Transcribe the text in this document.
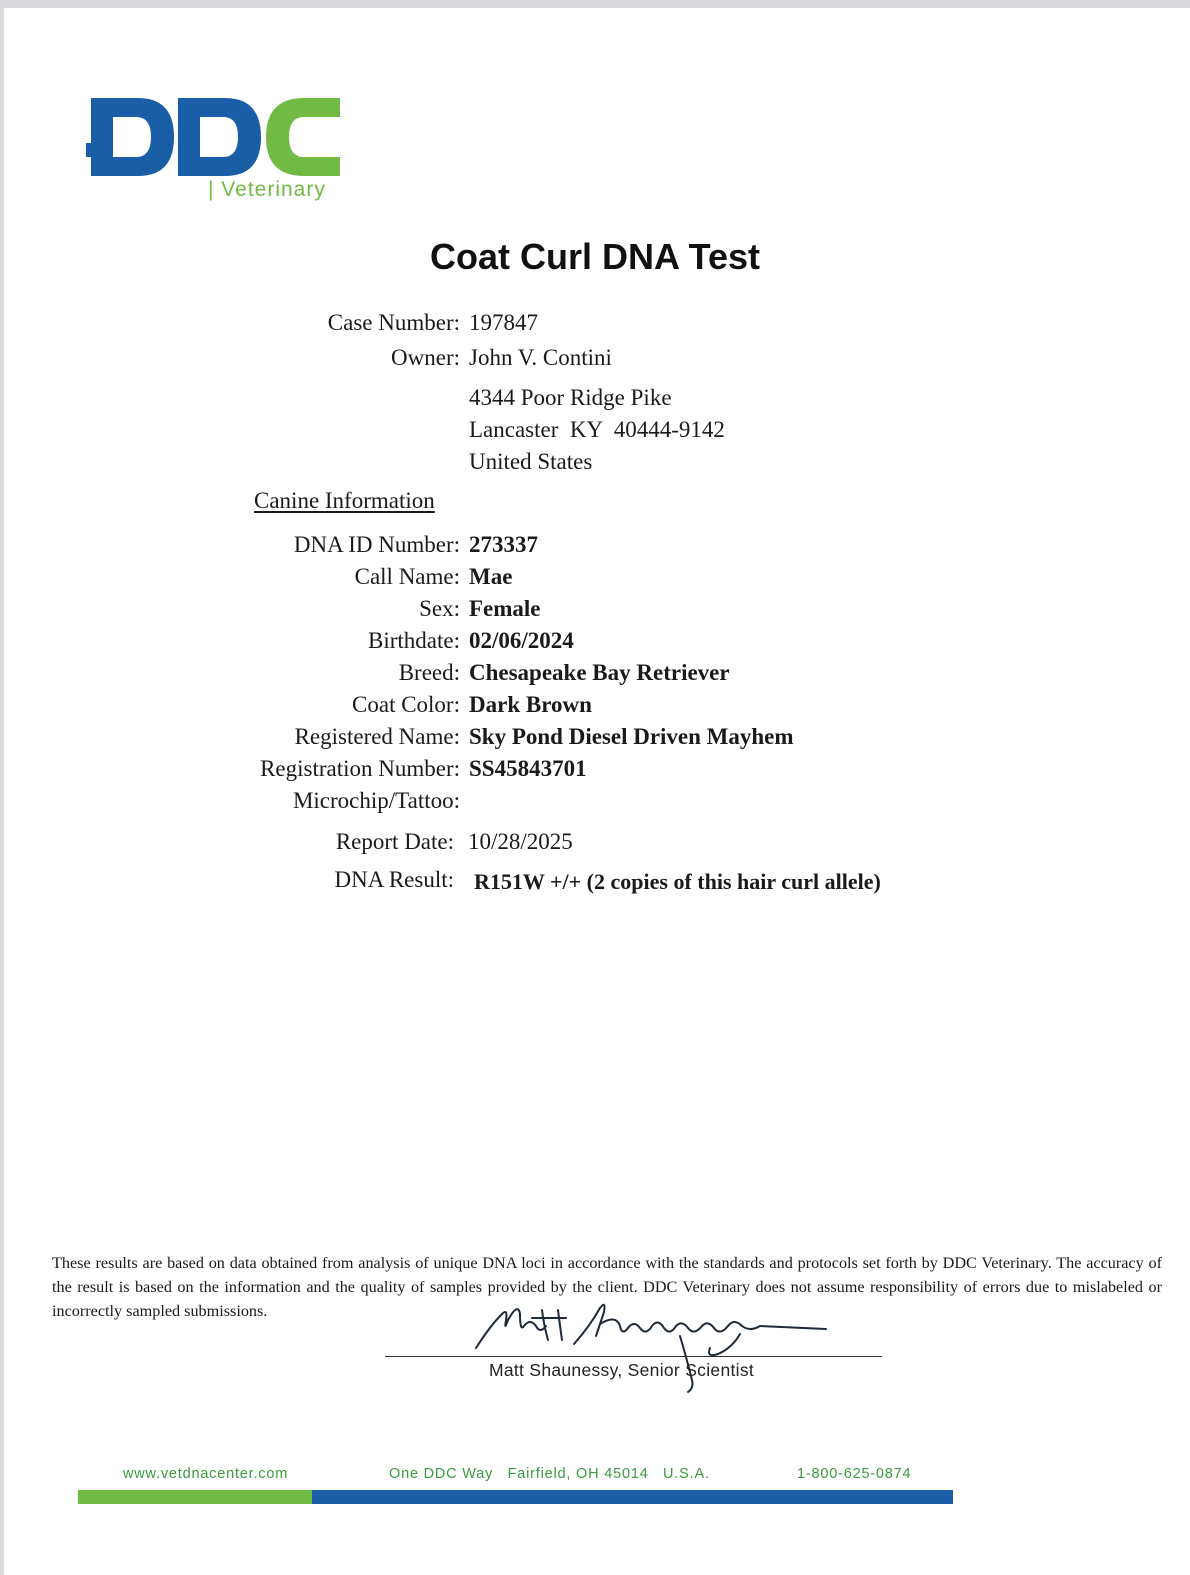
| Veterinary
Coat Curl DNA Test
Case Number: 197847
Owner: John V. Contini
4344 Poor Ridge Pike
Lancaster  KY  40444-9142
United States
Canine Information
DNA ID Number: 273337
Call Name: Mae
Sex: Female
Birthdate: 02/06/2024
Breed: Chesapeake Bay Retriever
Coat Color: Dark Brown
Registered Name: Sky Pond Diesel Driven Mayhem
Registration Number: SS45843701
Microchip/Tattoo:
Report Date: 10/28/2025
DNA Result: R151W +/+ (2 copies of this hair curl allele)
These results are based on data obtained from analysis of unique DNA loci in accordance with the standards and protocols set forth by DDC Veterinary. The accuracy of the result is based on the information and the quality of samples provided by the client. DDC Veterinary does not assume responsibility of errors due to mislabeled or incorrectly sampled submissions.
Matt Shaunessy, Senior Scientist
www.vetdnacenter.com	One DDC Way   Fairfield, OH 45014   U.S.A.	1-800-625-0874
